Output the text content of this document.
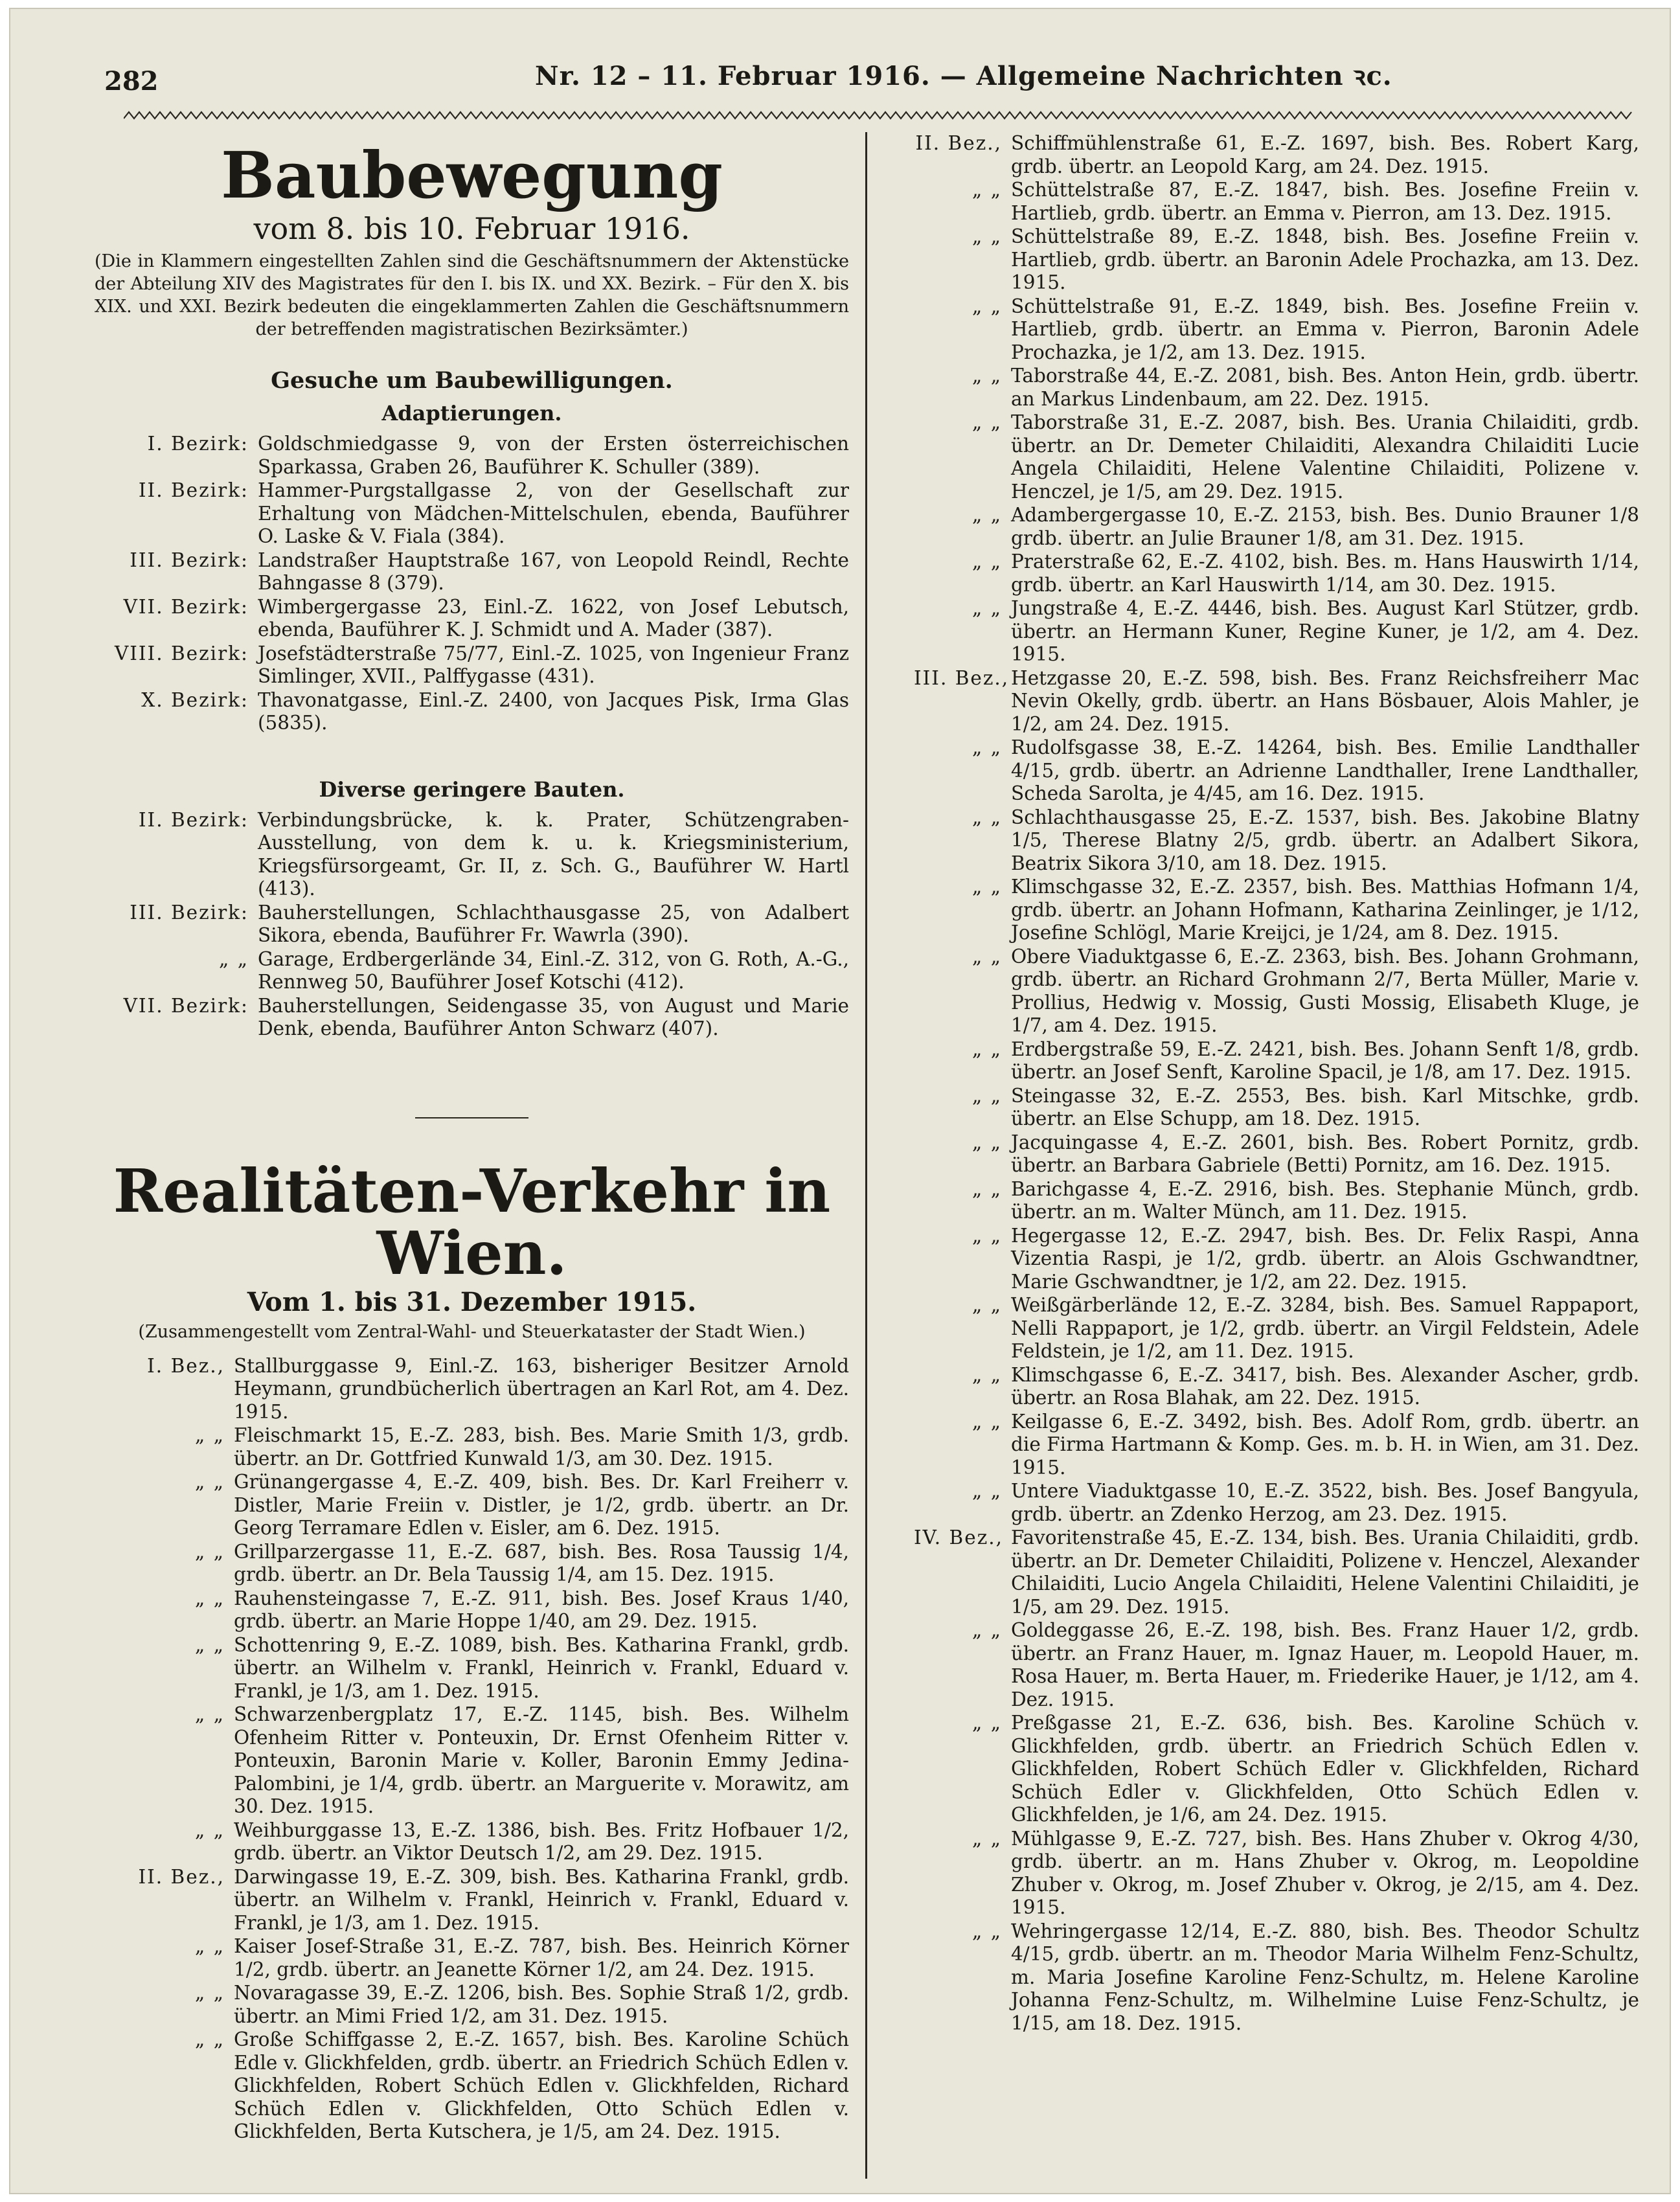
282	Nr. 12 – 11. Februar 1916. — Allgemeine Nachrichten ꝛc.
Baubewegung
vom 8. bis 10. Februar 1916.
(Die in Klammern eingestellten Zahlen sind die Geschäftsnummern der Aktenstücke der Abteilung XIV des Magistrates für den I. bis IX. und XX. Bezirk. – Für den X. bis XIX. und XXI. Bezirk bedeuten die eingeklammerten Zahlen die Geschäftsnummern der betreffenden magistratischen Bezirksämter.)
Gesuche um Baubewilligungen.
Adaptierungen.
I. Bezirk: Goldschmiedgasse 9, von der Ersten österreichischen Sparkassa, Graben 26, Bauführer K. Schuller (389).
II. Bezirk: Hammer-Purgstallgasse 2, von der Gesellschaft zur Erhaltung von Mädchen-Mittelschulen, ebenda, Bauführer O. Laske & V. Fiala (384).
III. Bezirk: Landstraßer Hauptstraße 167, von Leopold Reindl, Rechte Bahngasse 8 (379).
VII. Bezirk: Wimbergergasse 23, Einl.-Z. 1622, von Josef Lebutsch, ebenda, Bauführer K. J. Schmidt und A. Mader (387).
VIII. Bezirk: Josefstädterstraße 75/77, Einl.-Z. 1025, von Ingenieur Franz Simlinger, XVII., Palffygasse (431).
X. Bezirk: Thavonatgasse, Einl.-Z. 2400, von Jacques Pisk, Irma Glas (5835).
Diverse geringere Bauten.
II. Bezirk: Verbindungsbrücke, k. k. Prater, Schützengraben-Ausstellung, von dem k. u. k. Kriegsministerium, Kriegsfürsorgeamt, Gr. II, z. Sch. G., Bauführer W. Hartl (413).
III. Bezirk: Bauherstellungen, Schlachthausgasse 25, von Adalbert Sikora, ebenda, Bauführer Fr. Wawrla (390).
„ „ Garage, Erdbergerlände 34, Einl.-Z. 312, von G. Roth, A.-G., Rennweg 50, Bauführer Josef Kotschi (412).
VII. Bezirk: Bauherstellungen, Seidengasse 35, von August und Marie Denk, ebenda, Bauführer Anton Schwarz (407).
Realitäten-Verkehr in Wien.
Vom 1. bis 31. Dezember 1915.
(Zusammengestellt vom Zentral-Wahl- und Steuerkataster der Stadt Wien.)
I. Bez., Stallburggasse 9, Einl.-Z. 163, bisheriger Besitzer Arnold Heymann, grundbücherlich übertragen an Karl Rot, am 4. Dez. 1915.
„ „ Fleischmarkt 15, E.-Z. 283, bish. Bes. Marie Smith 1/3, grdb. übertr. an Dr. Gottfried Kunwald 1/3, am 30. Dez. 1915.
„ „ Grünangergasse 4, E.-Z. 409, bish. Bes. Dr. Karl Freiherr v. Distler, Marie Freiin v. Distler, je 1/2, grdb. übertr. an Dr. Georg Terramare Edlen v. Eisler, am 6. Dez. 1915.
„ „ Grillparzergasse 11, E.-Z. 687, bish. Bes. Rosa Taussig 1/4, grdb. übertr. an Dr. Bela Taussig 1/4, am 15. Dez. 1915.
„ „ Rauhensteingasse 7, E.-Z. 911, bish. Bes. Josef Kraus 1/40, grdb. übertr. an Marie Hoppe 1/40, am 29. Dez. 1915.
„ „ Schottenring 9, E.-Z. 1089, bish. Bes. Katharina Frankl, grdb. übertr. an Wilhelm v. Frankl, Heinrich v. Frankl, Eduard v. Frankl, je 1/3, am 1. Dez. 1915.
„ „ Schwarzenbergplatz 17, E.-Z. 1145, bish. Bes. Wilhelm Ofenheim Ritter v. Ponteuxin, Dr. Ernst Ofenheim Ritter v. Ponteuxin, Baronin Marie v. Koller, Baronin Emmy Jedina-Palombini, je 1/4, grdb. übertr. an Marguerite v. Morawitz, am 30. Dez. 1915.
„ „ Weihburggasse 13, E.-Z. 1386, bish. Bes. Fritz Hofbauer 1/2, grdb. übertr. an Viktor Deutsch 1/2, am 29. Dez. 1915.
II. Bez., Darwingasse 19, E.-Z. 309, bish. Bes. Katharina Frankl, grdb. übertr. an Wilhelm v. Frankl, Heinrich v. Frankl, Eduard v. Frankl, je 1/3, am 1. Dez. 1915.
„ „ Kaiser Josef-Straße 31, E.-Z. 787, bish. Bes. Heinrich Körner 1/2, grdb. übertr. an Jeanette Körner 1/2, am 24. Dez. 1915.
„ „ Novaragasse 39, E.-Z. 1206, bish. Bes. Sophie Straß 1/2, grdb. übertr. an Mimi Fried 1/2, am 31. Dez. 1915.
„ „ Große Schiffgasse 2, E.-Z. 1657, bish. Bes. Karoline Schüch Edle v. Glickhfelden, grdb. übertr. an Friedrich Schüch Edlen v. Glickhfelden, Robert Schüch Edlen v. Glickhfelden, Richard Schüch Edlen v. Glickhfelden, Otto Schüch Edlen v. Glickhfelden, Berta Kutschera, je 1/5, am 24. Dez. 1915.
II. Bez., Schiffmühlenstraße 61, E.-Z. 1697, bish. Bes. Robert Karg, grdb. übertr. an Leopold Karg, am 24. Dez. 1915.
„ „ Schüttelstraße 87, E.-Z. 1847, bish. Bes. Josefine Freiin v. Hartlieb, grdb. übertr. an Emma v. Pierron, am 13. Dez. 1915.
„ „ Schüttelstraße 89, E.-Z. 1848, bish. Bes. Josefine Freiin v. Hartlieb, grdb. übertr. an Baronin Adele Prochazka, am 13. Dez. 1915.
„ „ Schüttelstraße 91, E.-Z. 1849, bish. Bes. Josefine Freiin v. Hartlieb, grdb. übertr. an Emma v. Pierron, Baronin Adele Prochazka, je 1/2, am 13. Dez. 1915.
„ „ Taborstraße 44, E.-Z. 2081, bish. Bes. Anton Hein, grdb. übertr. an Markus Lindenbaum, am 22. Dez. 1915.
„ „ Taborstraße 31, E.-Z. 2087, bish. Bes. Urania Chilaiditi, grdb. übertr. an Dr. Demeter Chilaiditi, Alexandra Chilaiditi Lucie Angela Chilaiditi, Helene Valentine Chilaiditi, Polizene v. Henczel, je 1/5, am 29. Dez. 1915.
„ „ Adambergergasse 10, E.-Z. 2153, bish. Bes. Dunio Brauner 1/8 grdb. übertr. an Julie Brauner 1/8, am 31. Dez. 1915.
„ „ Praterstraße 62, E.-Z. 4102, bish. Bes. m. Hans Hauswirth 1/14, grdb. übertr. an Karl Hauswirth 1/14, am 30. Dez. 1915.
„ „ Jungstraße 4, E.-Z. 4446, bish. Bes. August Karl Stützer, grdb. übertr. an Hermann Kuner, Regine Kuner, je 1/2, am 4. Dez. 1915.
III. Bez., Hetzgasse 20, E.-Z. 598, bish. Bes. Franz Reichsfreiherr Mac Nevin Okelly, grdb. übertr. an Hans Bösbauer, Alois Mahler, je 1/2, am 24. Dez. 1915.
„ „ Rudolfsgasse 38, E.-Z. 14264, bish. Bes. Emilie Landthaller 4/15, grdb. übertr. an Adrienne Landthaller, Irene Landthaller, Scheda Sarolta, je 4/45, am 16. Dez. 1915.
„ „ Schlachthausgasse 25, E.-Z. 1537, bish. Bes. Jakobine Blatny 1/5, Therese Blatny 2/5, grdb. übertr. an Adalbert Sikora, Beatrix Sikora 3/10, am 18. Dez. 1915.
„ „ Klimschgasse 32, E.-Z. 2357, bish. Bes. Matthias Hofmann 1/4, grdb. übertr. an Johann Hofmann, Katharina Zeinlinger, je 1/12, Josefine Schlögl, Marie Kreijci, je 1/24, am 8. Dez. 1915.
„ „ Obere Viaduktgasse 6, E.-Z. 2363, bish. Bes. Johann Grohmann, grdb. übertr. an Richard Grohmann 2/7, Berta Müller, Marie v. Prollius, Hedwig v. Mossig, Gusti Mossig, Elisabeth Kluge, je 1/7, am 4. Dez. 1915.
„ „ Erdbergstraße 59, E.-Z. 2421, bish. Bes. Johann Senft 1/8, grdb. übertr. an Josef Senft, Karoline Spacil, je 1/8, am 17. Dez. 1915.
„ „ Steingasse 32, E.-Z. 2553, Bes. bish. Karl Mitschke, grdb. übertr. an Else Schupp, am 18. Dez. 1915.
„ „ Jacquingasse 4, E.-Z. 2601, bish. Bes. Robert Pornitz, grdb. übertr. an Barbara Gabriele (Betti) Pornitz, am 16. Dez. 1915.
„ „ Barichgasse 4, E.-Z. 2916, bish. Bes. Stephanie Münch, grdb. übertr. an m. Walter Münch, am 11. Dez. 1915.
„ „ Hegergasse 12, E.-Z. 2947, bish. Bes. Dr. Felix Raspi, Anna Vizentia Raspi, je 1/2, grdb. übertr. an Alois Gschwandtner, Marie Gschwandtner, je 1/2, am 22. Dez. 1915.
„ „ Weißgärberlände 12, E.-Z. 3284, bish. Bes. Samuel Rappaport, Nelli Rappaport, je 1/2, grdb. übertr. an Virgil Feldstein, Adele Feldstein, je 1/2, am 11. Dez. 1915.
„ „ Klimschgasse 6, E.-Z. 3417, bish. Bes. Alexander Ascher, grdb. übertr. an Rosa Blahak, am 22. Dez. 1915.
„ „ Keilgasse 6, E.-Z. 3492, bish. Bes. Adolf Rom, grdb. übertr. an die Firma Hartmann & Komp. Ges. m. b. H. in Wien, am 31. Dez. 1915.
„ „ Untere Viaduktgasse 10, E.-Z. 3522, bish. Bes. Josef Bangyula, grdb. übertr. an Zdenko Herzog, am 23. Dez. 1915.
IV. Bez., Favoritenstraße 45, E.-Z. 134, bish. Bes. Urania Chilaiditi, grdb. übertr. an Dr. Demeter Chilaiditi, Polizene v. Henczel, Alexander Chilaiditi, Lucio Angela Chilaiditi, Helene Valentini Chilaiditi, je 1/5, am 29. Dez. 1915.
„ „ Goldeggasse 26, E.-Z. 198, bish. Bes. Franz Hauer 1/2, grdb. übertr. an Franz Hauer, m. Ignaz Hauer, m. Leopold Hauer, m. Rosa Hauer, m. Berta Hauer, m. Friederike Hauer, je 1/12, am 4. Dez. 1915.
„ „ Preßgasse 21, E.-Z. 636, bish. Bes. Karoline Schüch v. Glickhfelden, grdb. übertr. an Friedrich Schüch Edlen v. Glickhfelden, Robert Schüch Edler v. Glickhfelden, Richard Schüch Edler v. Glickhfelden, Otto Schüch Edlen v. Glickhfelden, je 1/6, am 24. Dez. 1915.
„ „ Mühlgasse 9, E.-Z. 727, bish. Bes. Hans Zhuber v. Okrog 4/30, grdb. übertr. an m. Hans Zhuber v. Okrog, m. Leopoldine Zhuber v. Okrog, m. Josef Zhuber v. Okrog, je 2/15, am 4. Dez. 1915.
„ „ Wehringergasse 12/14, E.-Z. 880, bish. Bes. Theodor Schultz 4/15, grdb. übertr. an m. Theodor Maria Wilhelm Fenz-Schultz, m. Maria Josefine Karoline Fenz-Schultz, m. Helene Karoline Johanna Fenz-Schultz, m. Wilhelmine Luise Fenz-Schultz, je 1/15, am 18. Dez. 1915.
